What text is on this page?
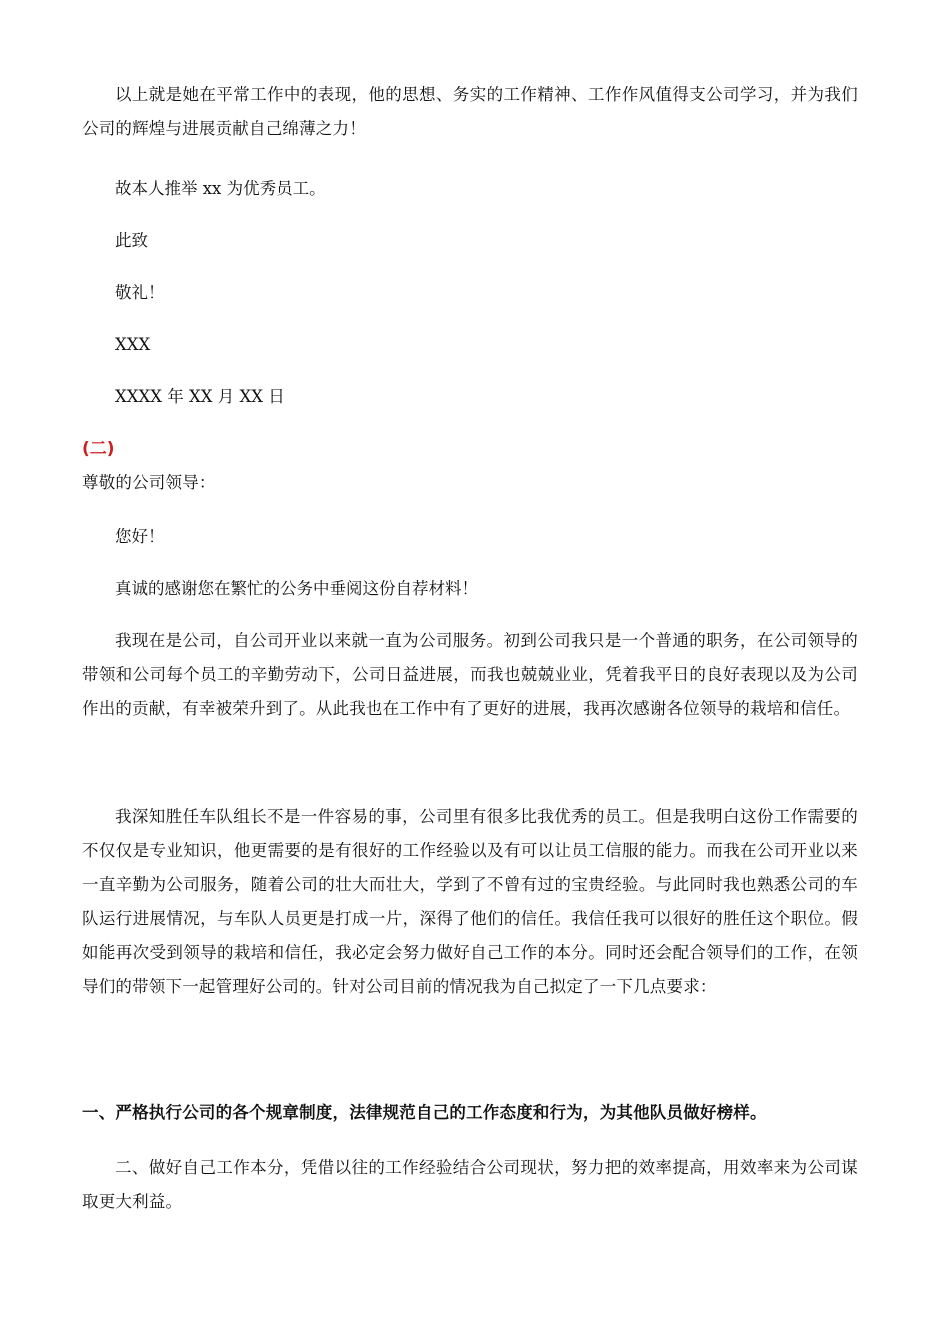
以上就是她在平常工作中的表现，他的思想、务实的工作精神、工作作风值得支公司学习，并为我们公司的辉煌与进展贡献自己绵薄之力！

故本人推举 xx 为优秀员工。

此致

敬礼！

XXX

XXXX 年 XX 月 XX 日

(二)

尊敬的公司领导：

您好！

真诚的感谢您在繁忙的公务中垂阅这份自荐材料！

我现在是公司，自公司开业以来就一直为公司服务。初到公司我只是一个普通的职务，在公司领导的带领和公司每个员工的辛勤劳动下，公司日益进展，而我也兢兢业业，凭着我平日的良好表现以及为公司作出的贡献，有幸被荣升到了。从此我也在工作中有了更好的进展，我再次感谢各位领导的栽培和信任。

我深知胜任车队组长不是一件容易的事，公司里有很多比我优秀的员工。但是我明白这份工作需要的不仅仅是专业知识，他更需要的是有很好的工作经验以及有可以让员工信服的能力。而我在公司开业以来一直辛勤为公司服务，随着公司的壮大而壮大，学到了不曾有过的宝贵经验。与此同时我也熟悉公司的车队运行进展情况，与车队人员更是打成一片，深得了他们的信任。我信任我可以很好的胜任这个职位。假如能再次受到领导的栽培和信任，我必定会努力做好自己工作的本分。同时还会配合领导们的工作，在领导们的带领下一起管理好公司的。针对公司目前的情况我为自己拟定了一下几点要求：

一、严格执行公司的各个规章制度，法律规范自己的工作态度和行为，为其他队员做好榜样。

二、做好自己工作本分，凭借以往的工作经验结合公司现状，努力把的效率提高，用效率来为公司谋取更大利益。
